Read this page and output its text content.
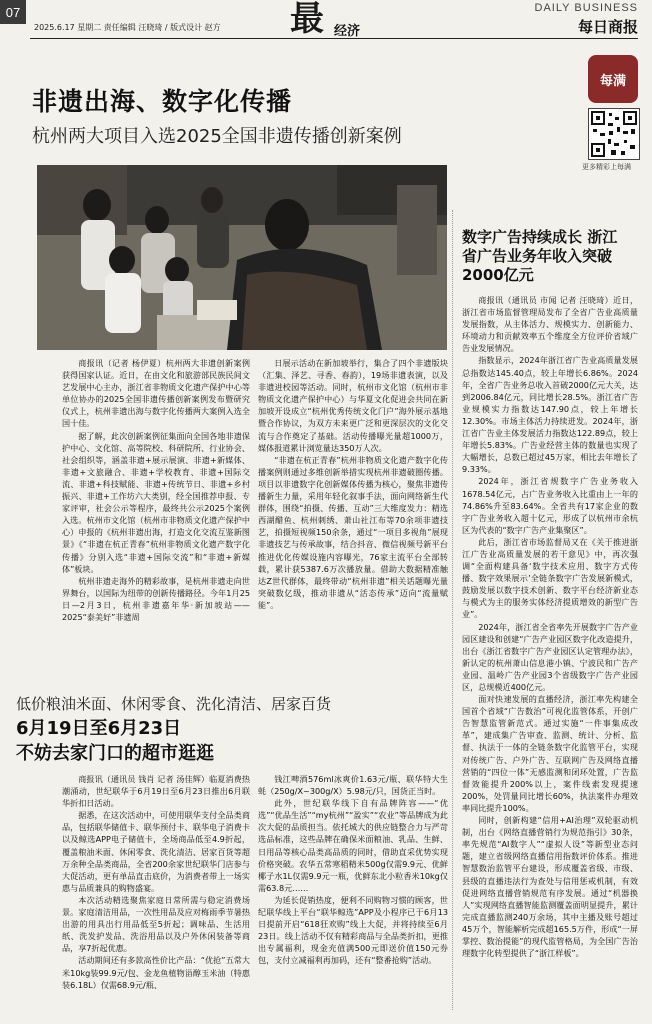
07
2025.6.17 星期二 责任编辑 汪晓琦 / 版式设计 赵方 最 经济
DAILY BUSINESS
每日商报
非遗出海、数字化传播
杭州两大项目入选2025全国非遗传播创新案例
每满
更多精彩上每满

商报讯（记者 杨伊夏）杭州两大非遗创新案例获得国家认证。近日，在由文化和旅游部民族民间文艺发展中心主办，浙江省非物质文化遗产保护中心等单位协办的2025全国非遗传播创新案例发布暨研究仪式上，杭州非遗出海与数字化传播两大案例入选全国十佳。

据了解，此次创新案例征集面向全国各地非遗保护中心、文化馆、高等院校、科研院所、行业协会、社会组织等，涵盖非遗+展示展演、非遗+新媒体、非遗+文旅融合、非遗+学校教育、非遗+国际交流、非遗+科技赋能、非遗+传统节日、非遗+乡村振兴、非遗+工作坊六大类别，经全国推荐申报、专家评审，社会公示等程序，最终共公示2025个案例入选。杭州市文化馆（杭州市非物质文化遗产保护中心）申报的《杭州非遗出海，打造文化交流互鉴新图景》《“非遗在杭正青春”杭州非物质文化遗产数字化传播》分别入选“非遗+国际交流”和“非遗+新媒体”板块。

杭州非遗走海外的精彩故事，是杭州非遗走向世界舞台，以国际为纽带的创新传播路径。今年1月25日—2月3日，杭州非遗嘉年华·新加坡站——2025“泰美好”非遗周

日展示活动在新加坡举行，集合了四个非遗版块（汇集、泽艺、寻香、春韵），19场非遗表演，以及非遗进校园等活动。同时，杭州市文化馆（杭州市非物质文化遗产保护中心）与华夏文化促进会共同在新加坡开设成立“杭州优秀传统文化门户”海外展示基地暨合作协议，为双方未来更广泛和更深层次的文化交流与合作奠定了基础。活动传播曝光量超1000万，媒体报道累计浏览量达350万人次。

“非遗在杭正青春”杭州非物质文化遗产数字化传播案例则通过多维创新举措实现杭州非遗破圈传播。项目以非遗数字化创新媒体传播为核心，聚焦非遗传播新生力量，采用年轻化叙事手法，面向网络新生代群体，围绕“拍摄、传播、互动”三大维度发力：精选西湖醋鱼、杭州刺绣、萧山社江布等70余项非遗技艺，拍摄短视频150余条，通过“一项目多视角”展现非遗技艺与传承故事，结合抖音、微信视频号新平台推进优化传媒设施内容曝光，76家主流平台全部转载，累计获5387.6万次播放量。借助大数据精准触达Z世代群体，最终带动“杭州非遗”相关话题曝光量突破数亿级，推动非遗从“活态传承”迈向“流量赋能”。

数字广告持续成长 浙江省广告业务年收入突破2000亿元

商报讯（通讯员 市闻 记者 汪晓琦）近日，浙江省市场监督管理局发布了全省广告业高质量发展指数，从主体活力、规模实力、创新能力、环境动力和贡献效率五个维度全方位评价省域广告业发展情况。

指数显示，2024年浙江省广告业高质量发展总指数达145.40点，较上年增长6.86%。2024年，全省广告业务总收入首破2000亿元大关，达到2006.84亿元，同比增长28.5%。浙江省广告业规模实力指数达147.90点，较上年增长12.30%。市场主体活力持续迸发。2024年，浙江省广告业主体发展活力指数达122.89点，较上年增长5.83%。广告业经营主体的数量也实现了大幅增长，总数已超过45万家，相比去年增长了9.33%。

2024年，浙江省规数字广告业务收入1678.54亿元，占广告业务收入比重由上一年的74.86%升至83.64%。全省共有17家企业的数字广告业务收入超十亿元，形成了以杭州市余杭区为代表的“数字广告产业集聚区”。

此后，浙江省市场监督局又在《关于推进浙江广告业高质量发展的若干意见》中，再次强调“全面构建具备‘数字技术应用、数字方式传播、数字效果展示’全链条数字广告发展新模式，鼓励发展以数字技术创新、数字平台经济新业态与模式为主的服务实体经济提质增效的新型广告业”。

2024年，浙江省全省率先开展数字广告产业园区建设和创建“广告产业园区数字化改造提升，出台《浙江省数字广告产业园区认定管理办法》，新认定的杭州萧山信息港小镇、宁波民和广告产业园、温岭广告产业园3个省级数字广告产业园区，总规模近400亿元。

面对快速发展的直播经济，浙江率先构建全国首个省域“广告数治”可视化监管体系，开创广告智慧监管新范式。通过实施“一件事集成改革”，建成集广告审查、监测、统计、分析、监督、执法于一体的全链条数字化监管平台，实现对传统广告、户外广告、互联网广告及网络直播营销的“四位一体”无感监测和闭环处置，广告监督效能提升200%以上，案件线索发现提速200%，处罚量同比增长60%，执法案件办理效率同比提升100%。

同时，创新构建“信用+AI治理”双轮驱动机制，出台《网络直播营销行为规范指引》30条，率先规范“AI数字人”“虚拟人设”等新型业态问题，建立省级网络直播信用指数评价体系。推进智慧数治监管平台建设，形成覆盖省级、市级、县级的直播违法行为查处与信用惩戒机制，有效促进网络直播营销规范有序发展。通过“机器换人”实现网络直播智能监测覆盖面明显提升，累计完成直播监测240万余场，其中主播及账号超过45万个，智能解析完成超165.5万件，形成“一屏掌控、数治提能”的现代监管格局，为全国广告治理数字化转型提供了“浙江样板”。

低价粮油米面、休闲零食、洗化清洁、居家百货
6月19日至6月23日
不妨去家门口的超市逛逛

商报讯（通讯员 钱肖 记者 汤佳辉）临夏消费热潮涌动，世纪联华于6月19日至6月23日推出6月联华折扣日活动。

据悉，在这次活动中，可使用联华支付全品类商品，包括联华储值卡、联华预付卡、联华电子消费卡以及鲸选APP电子储值卡，全场商品低至4.9折起，覆盖粮油米面、休闲零食、洗化清洁、居家百货等超万余种全品类商品，全省200余家世纪联华门店参与大促活动，更有单品直击底价，为消费者带上一场实惠与品质兼具的购物盛宴。

本次活动精选聚焦家庭日常所需与稳定消费场景。家庭清洁用品，一次性用品及应对梅雨季节暑热出游的用具出行用品低至5折起；调味品、生活用纸、洗发护发品、洗浴用品以及户外休闲装备等商品，享7折起优惠。

活动期间还有多款高性价比产品：“优抢”五常大米10kg装99.9元/包、金龙鱼植物甾醇玉米油（特惠装6.18L）仅需68.9元/瓶、

钱江啤酒576ml冰爽价1.63元/瓶、联华特大生蚝（250g/X~300g/X）5.98元/只，国货正当时。

此外，世纪联华线下自有品牌阵容——“优选”“优品生活”“my杭州”“盈实”“农业”等品牌成为此次大促的品质担当。依托城大的供应链整合力与严苛选品标准，这些品牌在确保米面粮油、乳品、生鲜、日用品等核心品类高品质的同时，借助直采优势实现价格突破。农华五常寒稻精米500g仅需9.9元、优鲜椰子水1L仅需9.9元一瓶，优鲜东北小粒香米10kg仅需63.8元……

为延长促销热度，便利不同购物习惯的顾客，世纪联华线上平台“联华鲸选”APP及小程序已于6月13日提前开启“618狂欢购”线上大促，并将持续至6月23日。线上活动不仅有精彩商品与全品类折扣，更推出专属福利，现金充值满500元即送价值150元券包，支付立减福利再加码，还有“整番抢购”活动。
